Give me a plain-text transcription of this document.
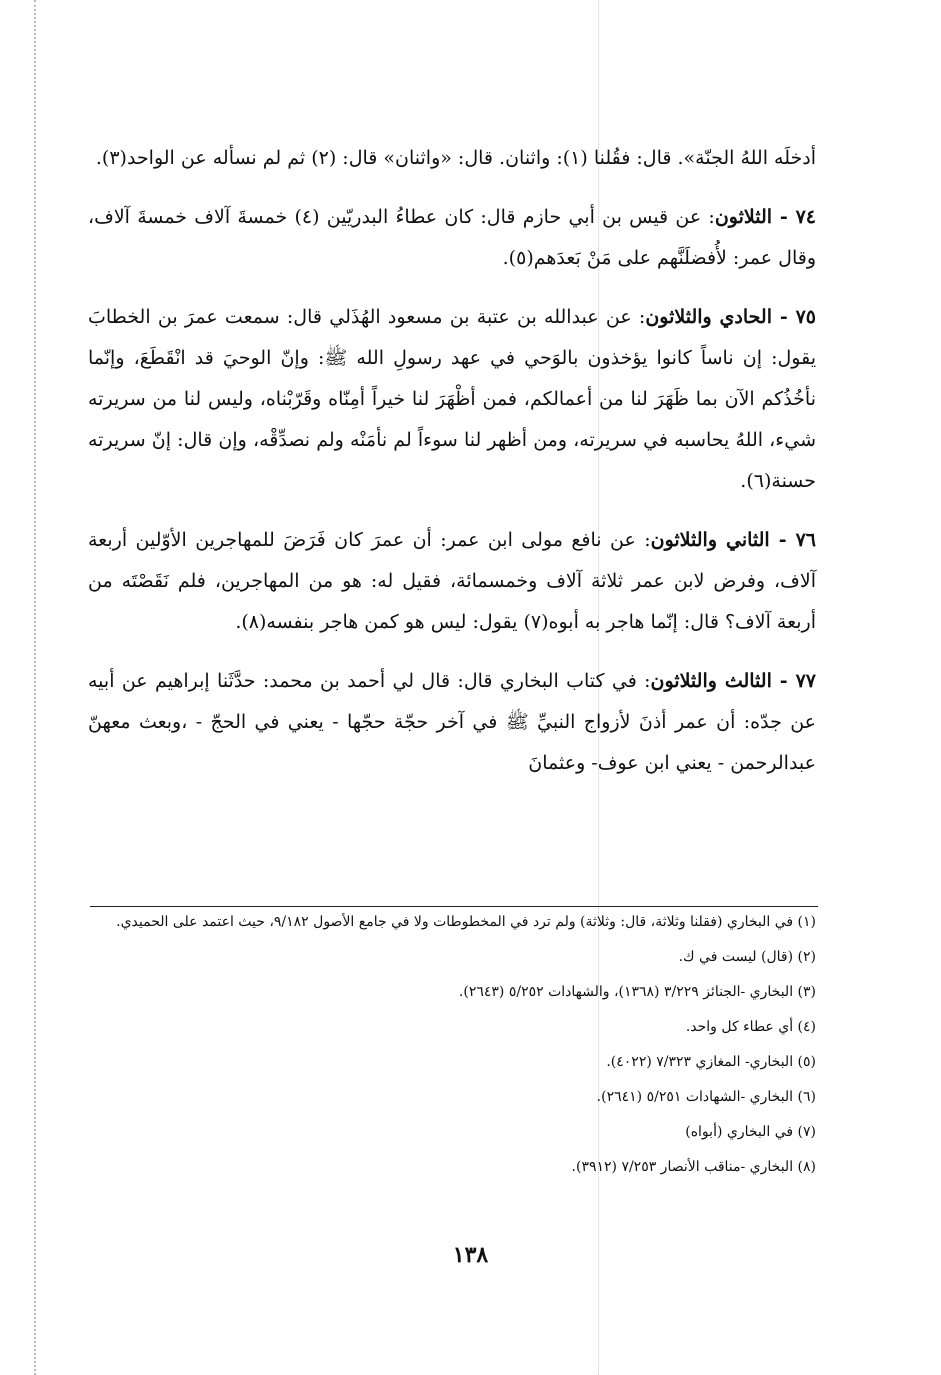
أدخلَه اللهُ الجنّة». قال: فقُلنا (١): واثنان. قال: «واثنان» قال: (٢) ثم لم نسأله عن الواحد(٣).

٧٤ - الثلاثون: عن قيس بن أبي حازم قال: كان عطاءُ البدريّين (٤) خمسةَ آلاف خمسةَ آلاف، وقال عمر: لأُفضلَنَّهم على مَنْ بَعدَهم(٥).

٧٥ - الحادي والثلاثون: عن عبدالله بن عتبة بن مسعود الهُذَلي قال: سمعت عمرَ بن الخطابَ يقول: إن ناساً كانوا يؤخذون بالوَحي في عهد رسولِ الله ﷺ: وإنّ الوحيَ قد انْقَطَعَ، وإنّما نأخُذُكم الآن بما ظَهَرَ لنا من أعمالكم، فمن أظْهَرَ لنا خيراً أمِنّاه وقَرّبْناه، وليس لنا من سريرته شيء، اللهُ يحاسبه في سريرته، ومن أظهر لنا سوءاً لم نأمَنْه ولم نصدِّقْه، وإن قال: إنّ سريرته حسنة(٦).

٧٦ - الثاني والثلاثون: عن نافع مولى ابن عمر: أن عمرَ كان فَرَضَ للمهاجرين الأوّلين أربعة آلاف، وفرض لابن عمر ثلاثة آلاف وخمسمائة، فقيل له: هو من المهاجرين، فلم نَقَصْتَه من أربعة آلاف؟ قال: إنّما هاجر به أبوه(٧) يقول: ليس هو كمن هاجر بنفسه(٨).

٧٧ - الثالث والثلاثون: في كتاب البخاري قال: قال لي أحمد بن محمد: حدَّثَنا إبراهيم عن أبيه عن جدّه: أن عمر أذنَ لأزواج النبيِّ ﷺ في آخر حجّة حجّها - يعني في الحجّ - ،وبعث معهنّ عبدالرحمن - يعني ابن عوف- وعثمانَ

(١) في البخاري (فقلنا وثلاثة، قال: وثلاثة) ولم ترد في المخطوطات ولا في جامع الأصول ٩/١٨٢، حيث اعتمد على الحميدي.

(٢) (قال) ليست في ك.

(٣) البخاري -الجنائز ٣/٢٢٩ (١٣٦٨)، والشهادات ٥/٢٥٢ (٢٦٤٣).

(٤) أي عطاء كل واحد.

(٥) البخاري- المغازي ٧/٣٢٣ (٤٠٢٢).

(٦) البخاري -الشهادات ٥/٢٥١ (٢٦٤١).

(٧) في البخاري (أبواه)

(٨) البخاري -مناقب الأنصار ٧/٢٥٣ (٣٩١٢).

١٣٨
